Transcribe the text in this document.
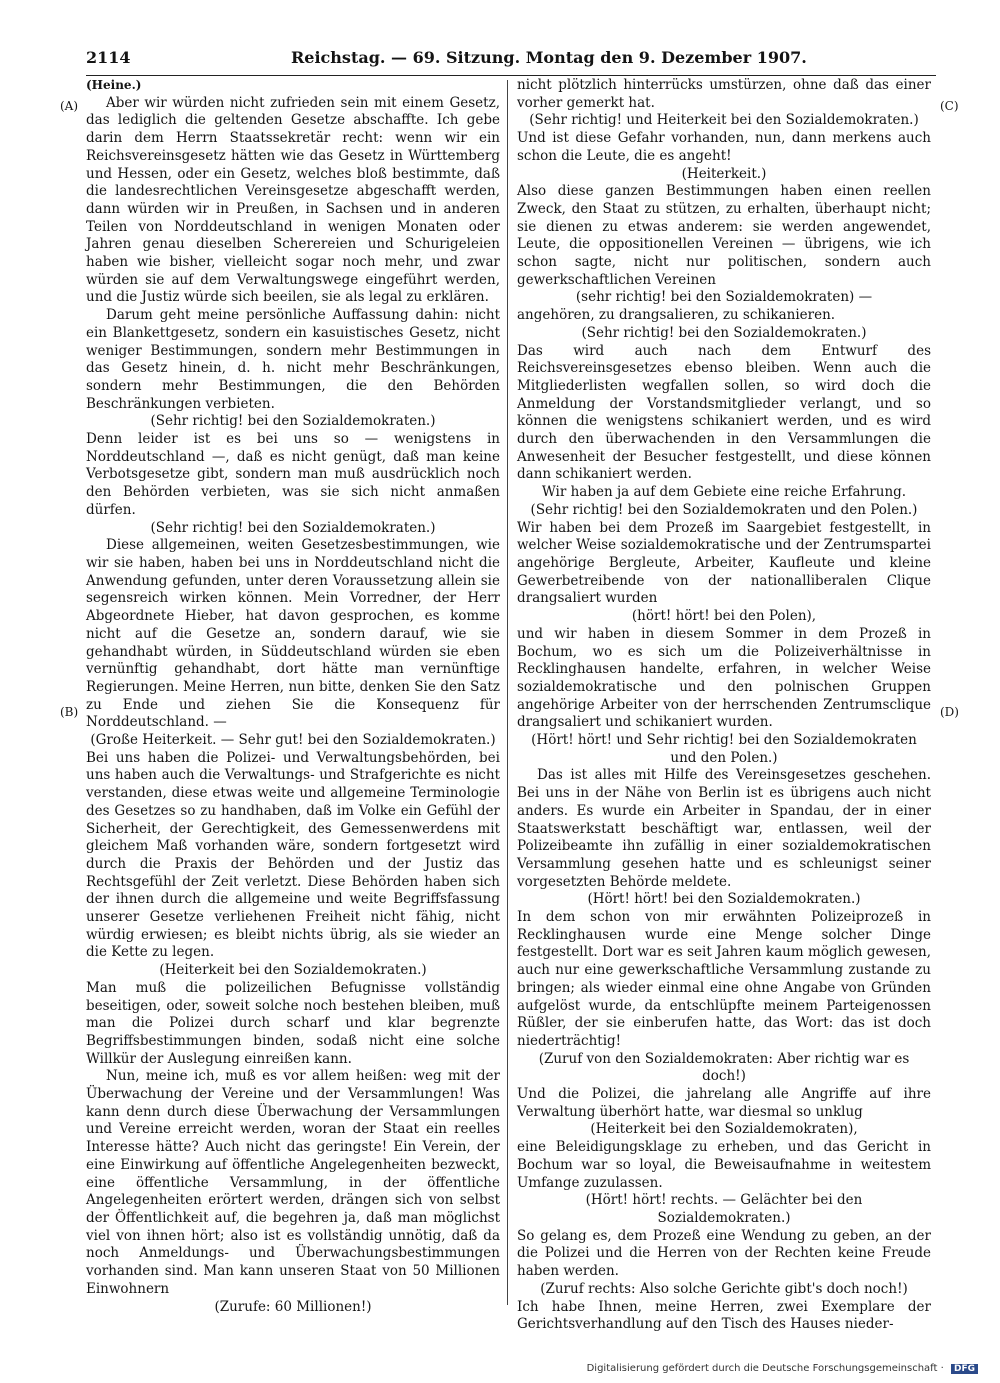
2114	Reichstag. — 69. Sitzung. Montag den 9. Dezember 1907.
(A)
(B)
(C)
(D)

(Heine.)

Aber wir würden nicht zufrieden sein mit einem Gesetz, das lediglich die geltenden Gesetze abschaffte. Ich gebe darin dem Herrn Staatssekretär recht: wenn wir ein Reichsvereinsgesetz hätten wie das Gesetz in Württemberg und Hessen, oder ein Gesetz, welches bloß bestimmte, daß die landesrechtlichen Vereinsgesetze abgeschafft werden, dann würden wir in Preußen, in Sachsen und in anderen Teilen von Norddeutschland in wenigen Monaten oder Jahren genau dieselben Schererеien und Schurigeleien haben wie bisher, vielleicht sogar noch mehr, und zwar würden sie auf dem Verwaltungswege eingeführt werden, und die Justiz würde sich beeilen, sie als legal zu erklären.

Darum geht meine persönliche Auffassung dahin: nicht ein Blankettgesetz, sondern ein kasuistisches Gesetz, nicht weniger Bestimmungen, sondern mehr Bestimmungen in das Gesetz hinein, d. h. nicht mehr Beschränkungen, sondern mehr Bestimmungen, die den Behörden Beschränkungen verbieten.

(Sehr richtig! bei den Sozialdemokraten.)

Denn leider ist es bei uns so — wenigstens in Norddeutschland —, daß es nicht genügt, daß man keine Verbotsgesetze gibt, sondern man muß ausdrücklich noch den Behörden verbieten, was sie sich nicht anmaßen dürfen.

(Sehr richtig! bei den Sozialdemokraten.)

Diese allgemeinen, weiten Gesetzesbestimmungen, wie wir sie haben, haben bei uns in Norddeutschland nicht die Anwendung gefunden, unter deren Voraussetzung allein sie segensreich wirken können. Mein Vorredner, der Herr Abgeordnete Hieber, hat davon gesprochen, es komme nicht auf die Gesetze an, sondern darauf, wie sie gehandhabt würden, in Süddeutschland würden sie eben vernünftig gehandhabt, dort hätte man vernünftige Regierungen. Meine Herren, nun bitte, denken Sie den Satz zu Ende und ziehen Sie die Konsequenz für Norddeutschland. —

(Große Heiterkeit. — Sehr gut! bei den Sozialdemokraten.)

Bei uns haben die Polizei- und Verwaltungsbehörden, bei uns haben auch die Verwaltungs- und Strafgerichte es nicht verstanden, diese etwas weite und allgemeine Terminologie des Gesetzes so zu handhaben, daß im Volke ein Gefühl der Sicherheit, der Gerechtigkeit, des Gemessenwerdens mit gleichem Maß vorhanden wäre, sondern fortgesetzt wird durch die Praxis der Behörden und der Justiz das Rechtsgefühl der Zeit verletzt. Diese Behörden haben sich der ihnen durch die allgemeine und weite Begriffsfassung unserer Gesetze verliehenen Freiheit nicht fähig, nicht würdig erwiesen; es bleibt nichts übrig, als sie wieder an die Kette zu legen.

(Heiterkeit bei den Sozialdemokraten.)

Man muß die polizeilichen Befugnisse vollständig beseitigen, oder, soweit solche noch bestehen bleiben, muß man die Polizei durch scharf und klar begrenzte Begriffsbestimmungen binden, sodaß nicht eine solche Willkür der Auslegung einreißen kann.

Nun, meine ich, muß es vor allem heißen: weg mit der Überwachung der Vereine und der Versammlungen! Was kann denn durch diese Überwachung der Versammlungen und Vereine erreicht werden, woran der Staat ein reelles Interesse hätte? Auch nicht das geringste! Ein Verein, der eine Einwirkung auf öffentliche Angelegenheiten bezweckt, eine öffentliche Versammlung, in der öffentliche Angelegenheiten erörtert werden, drängen sich von selbst der Öffentlichkeit auf, die begehren ja, daß man möglichst viel von ihnen hört; also ist es vollständig unnötig, daß da noch Anmeldungs- und Überwachungsbestimmungen vorhanden sind. Man kann unseren Staat von 50 Millionen Einwohnern

(Zurufe: 60 Millionen!)

nicht plötzlich hinterrücks umstürzen, ohne daß das einer vorher gemerkt hat.

(Sehr richtig! und Heiterkeit bei den Sozialdemokraten.)

Und ist diese Gefahr vorhanden, nun, dann merkens auch schon die Leute, die es angeht!

(Heiterkeit.)

Also diese ganzen Bestimmungen haben einen reellen Zweck, den Staat zu stützen, zu erhalten, überhaupt nicht; sie dienen zu etwas anderem: sie werden angewendet, Leute, die oppositionellen Vereinen — übrigens, wie ich schon sagte, nicht nur politischen, sondern auch gewerkschaftlichen Vereinen

(sehr richtig! bei den Sozialdemokraten) —

angehören, zu drangsalieren, zu schikanieren.

(Sehr richtig! bei den Sozialdemokraten.)

Das wird auch nach dem Entwurf des Reichsvereinsgesetzes ebenso bleiben. Wenn auch die Mitgliederlisten wegfallen sollen, so wird doch die Anmeldung der Vorstandsmitglieder verlangt, und so können die wenigstens schikaniert werden, und es wird durch den überwachenden in den Versammlungen die Anwesenheit der Besucher festgestellt, und diese können dann schikaniert werden.

Wir haben ja auf dem Gebiete eine reiche Erfahrung.

(Sehr richtig! bei den Sozialdemokraten und den Polen.)

Wir haben bei dem Prozeß im Saargebiet festgestellt, in welcher Weise sozialdemokratische und der Zentrumspartei angehörige Bergleute, Arbeiter, Kaufleute und kleine Gewerbetreibende von der nationalliberalen Clique drangsaliert wurden

(hört! hört! bei den Polen),

und wir haben in diesem Sommer in dem Prozeß in Bochum, wo es sich um die Polizeiverhältnisse in Recklinghausen handelte, erfahren, in welcher Weise sozialdemokratische und den polnischen Gruppen angehörige Arbeiter von der herrschenden Zentrumsclique drangsaliert und schikaniert wurden.

(Hört! hört! und Sehr richtig! bei den Sozialdemokraten und den Polen.)

Das ist alles mit Hilfe des Vereinsgesetzes geschehen. Bei uns in der Nähe von Berlin ist es übrigens auch nicht anders. Es wurde ein Arbeiter in Spandau, der in einer Staatswerkstatt beschäftigt war, entlassen, weil der Polizeibeamte ihn zufällig in einer sozialdemokratischen Versammlung gesehen hatte und es schleunigst seiner vorgesetzten Behörde meldete.

(Hört! hört! bei den Sozialdemokraten.)

In dem schon von mir erwähnten Polizeiprozeß in Recklinghausen wurde eine Menge solcher Dinge festgestellt. Dort war es seit Jahren kaum möglich gewesen, auch nur eine gewerkschaftliche Versammlung zustande zu bringen; als wieder einmal eine ohne Angabe von Gründen aufgelöst wurde, da entschlüpfte meinem Parteigenossen Rüßler, der sie einberufen hatte, das Wort: das ist doch niederträchtig!

(Zuruf von den Sozialdemokraten: Aber richtig war es doch!)

Und die Polizei, die jahrelang alle Angriffe auf ihre Verwaltung überhört hatte, war diesmal so unklug

(Heiterkeit bei den Sozialdemokraten),

eine Beleidigungsklage zu erheben, und das Gericht in Bochum war so loyal, die Beweisaufnahme in weitestem Umfange zuzulassen.

(Hört! hört! rechts. — Gelächter bei den Sozialdemokraten.)

So gelang es, dem Prozeß eine Wendung zu geben, an der die Polizei und die Herren von der Rechten keine Freude haben werden.

(Zuruf rechts: Also solche Gerichte gibt's doch noch!)

Ich habe Ihnen, meine Herren, zwei Exemplare der Gerichtsverhandlung auf den Tisch des Hauses nieder-

Digitalisierung gefördert durch die Deutsche Forschungsgemeinschaft · DFG
